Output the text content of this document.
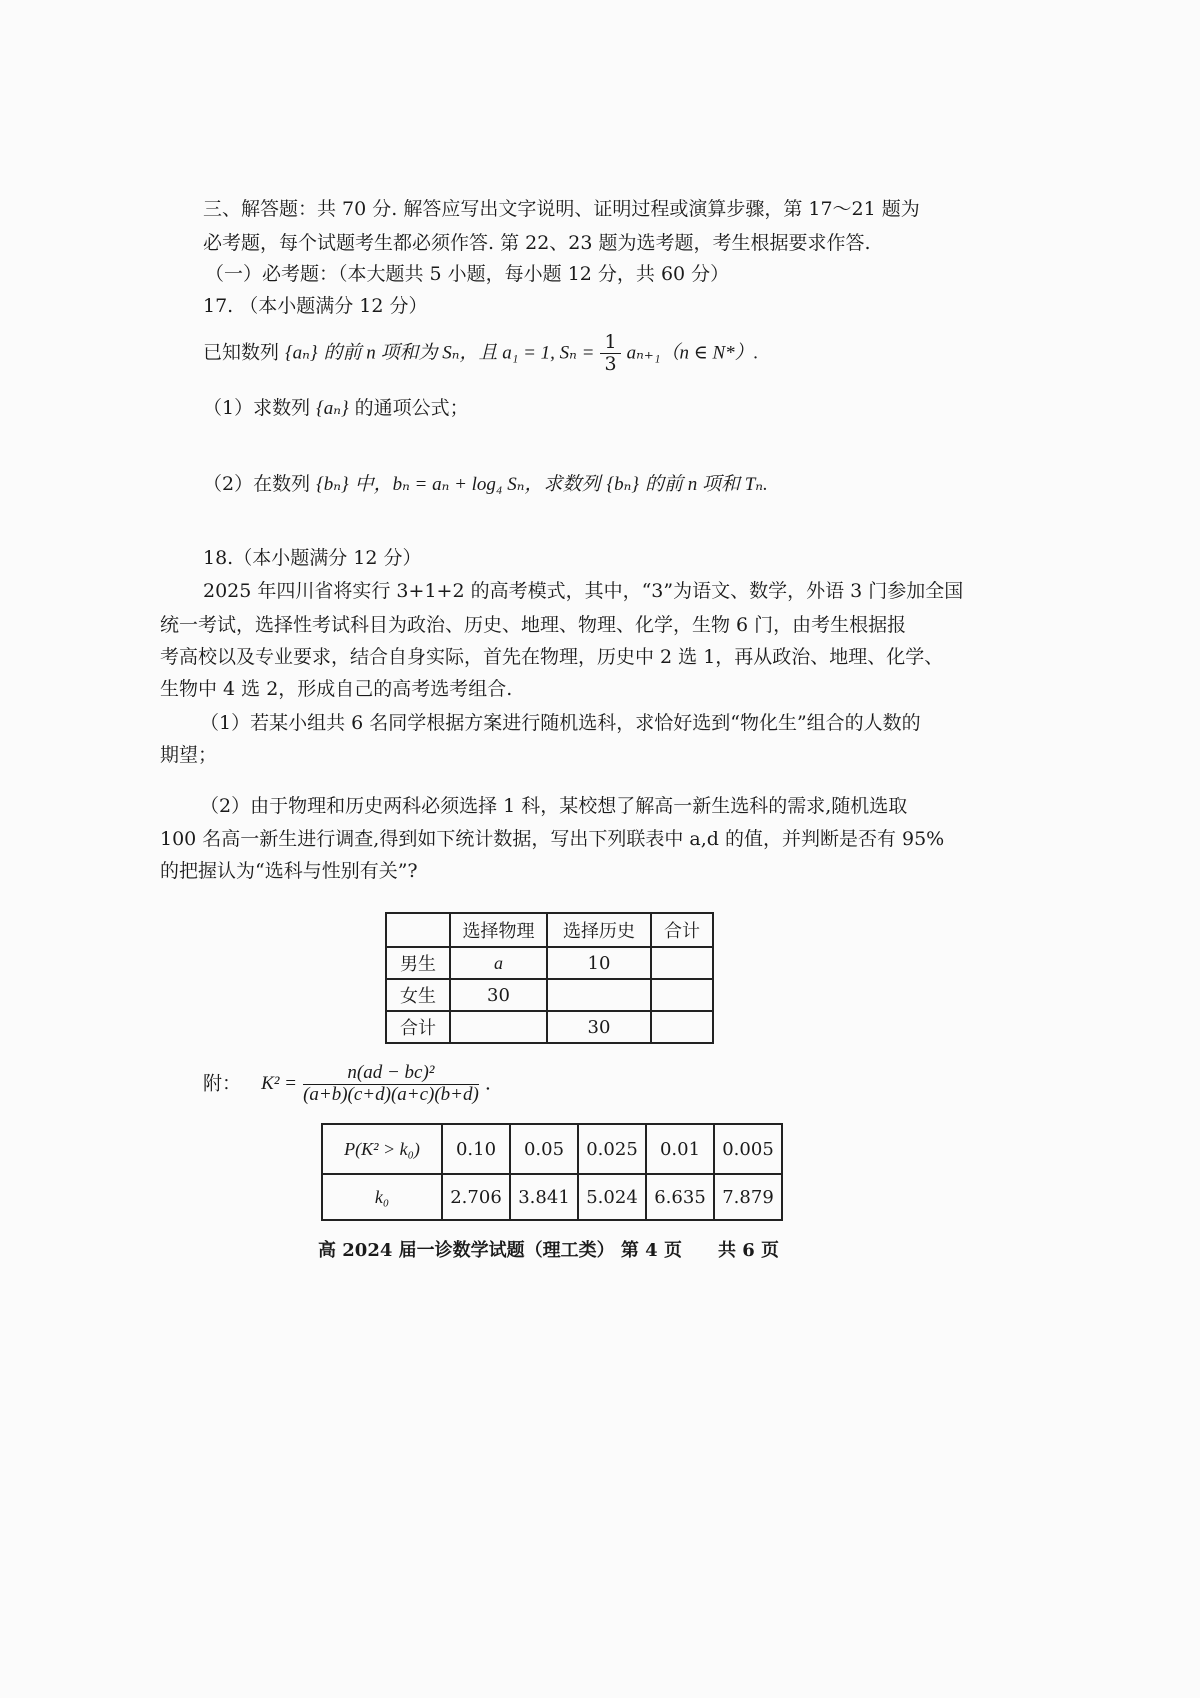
三、解答题：共 70 分. 解答应写出文字说明、证明过程或演算步骤，第 17～21 题为
必考题，每个试题考生都必须作答. 第 22、23 题为选考题，考生根据要求作答.
（一）必考题：（本大题共 5 小题，每小题 12 分，共 60 分）
17. （本小题满分 12 分）
已知数列 {aₙ} 的前 n 项和为 Sₙ，且 a₁ = 1, $S_n = \frac{1}{3} a_{n+1}(n$ ∈ N*）.
（1）求数列 {aₙ} 的通项公式；
（2）在数列 {bₙ} 中，bₙ = aₙ + log₄ Sₙ，求数列 {bₙ} 的前 n 项和 Tₙ.
18.（本小题满分 12 分）
2025 年四川省将实行 3+1+2 的高考模式，其中，“3”为语文、数学，外语 3 门参加全国
统一考试，选择性考试科目为政治、历史、地理、物理、化学，生物 6 门，由考生根据报
考高校以及专业要求，结合自身实际，首先在物理，历史中 2 选 1，再从政治、地理、化学、
生物中 4 选 2，形成自己的高考选考组合.
（1）若某小组共 6 名同学根据方案进行随机选科，求恰好选到“物化生”组合的人数的
期望；
（2）由于物理和历史两科必须选择 1 科，某校想了解高一新生选科的需求,随机选取
100 名高一新生进行调查,得到如下统计数据，写出下列联表中 a,d 的值，并判断是否有 95%
的把握认为“选科与性别有关”?
	选择物理	选择历史	合计
男生	a	10	
女生	30		
合计		30	
附： $K^2 = \frac{\text{n(ad − bc)²}}{(a+b)(c+d)(a+c)(b+d)}$ .
P(K² > k₀)	0.10	0.05	0.025	0.01	0.005
k₀	2.706	3.841	5.024	6.635	7.879
高 2024 届一诊数学试题（理工类） 第 4 页　　共 6 页
